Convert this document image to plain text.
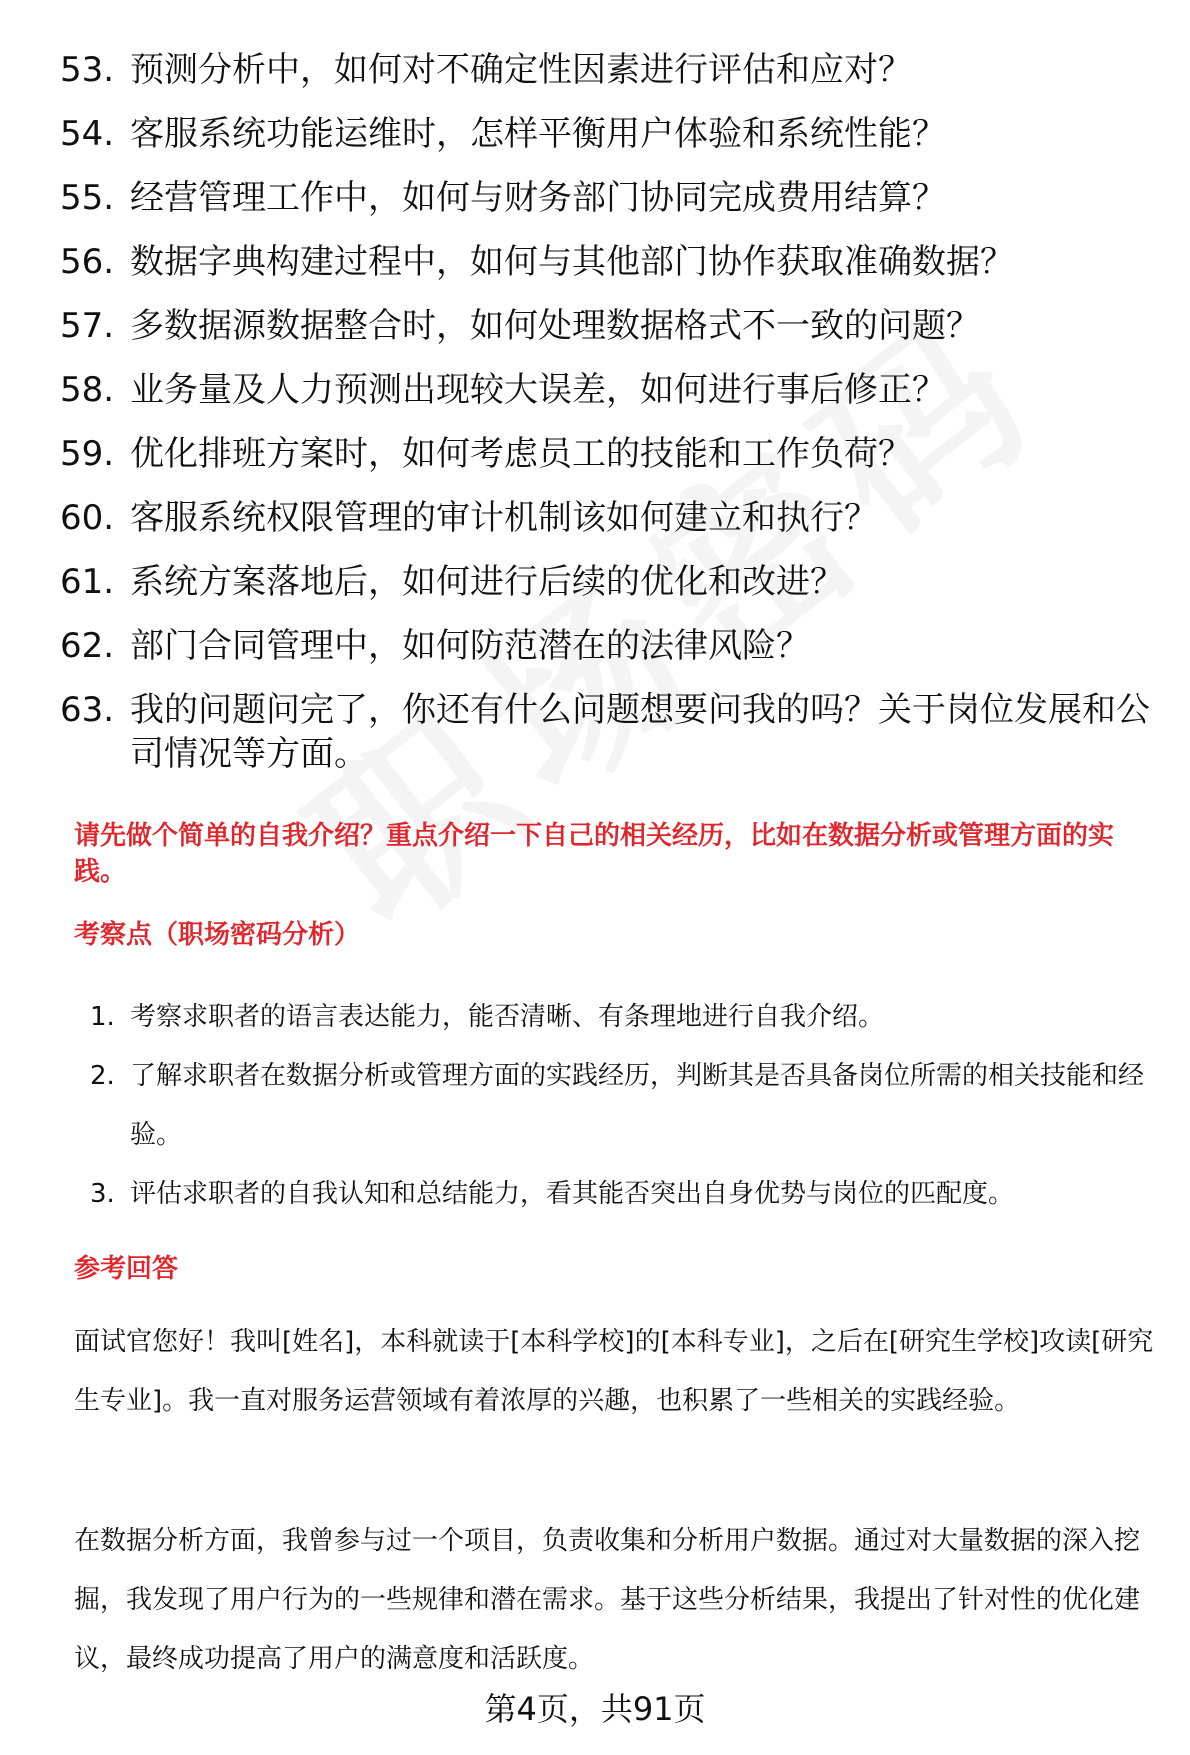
53. 预测分析中，如何对不确定性因素进行评估和应对？
54. 客服系统功能运维时，怎样平衡用户体验和系统性能？
55. 经营管理工作中，如何与财务部门协同完成费用结算？
56. 数据字典构建过程中，如何与其他部门协作获取准确数据？
57. 多数据源数据整合时，如何处理数据格式不一致的问题？
58. 业务量及人力预测出现较大误差，如何进行事后修正？
59. 优化排班方案时，如何考虑员工的技能和工作负荷？
60. 客服系统权限管理的审计机制该如何建立和执行？
61. 系统方案落地后，如何进行后续的优化和改进？
62. 部门合同管理中，如何防范潜在的法律风险？
63. 我的问题问完了，你还有什么问题想要问我的吗？关于岗位发展和公司情况等方面。
请先做个简单的自我介绍？重点介绍一下自己的相关经历，比如在数据分析或管理方面的实践。
考察点（职场密码分析）
1. 考察求职者的语言表达能力，能否清晰、有条理地进行自我介绍。
2. 了解求职者在数据分析或管理方面的实践经历，判断其是否具备岗位所需的相关技能和经验。
3. 评估求职者的自我认知和总结能力，看其能否突出自身优势与岗位的匹配度。
参考回答
面试官您好！我叫[姓名]，本科就读于[本科学校]的[本科专业]，之后在[研究生学校]攻读[研究生专业]。我一直对服务运营领域有着浓厚的兴趣，也积累了一些相关的实践经验。
在数据分析方面，我曾参与过一个项目，负责收集和分析用户数据。通过对大量数据的深入挖掘，我发现了用户行为的一些规律和潜在需求。基于这些分析结果，我提出了针对性的优化建议，最终成功提高了用户的满意度和活跃度。
第4页，共91页
